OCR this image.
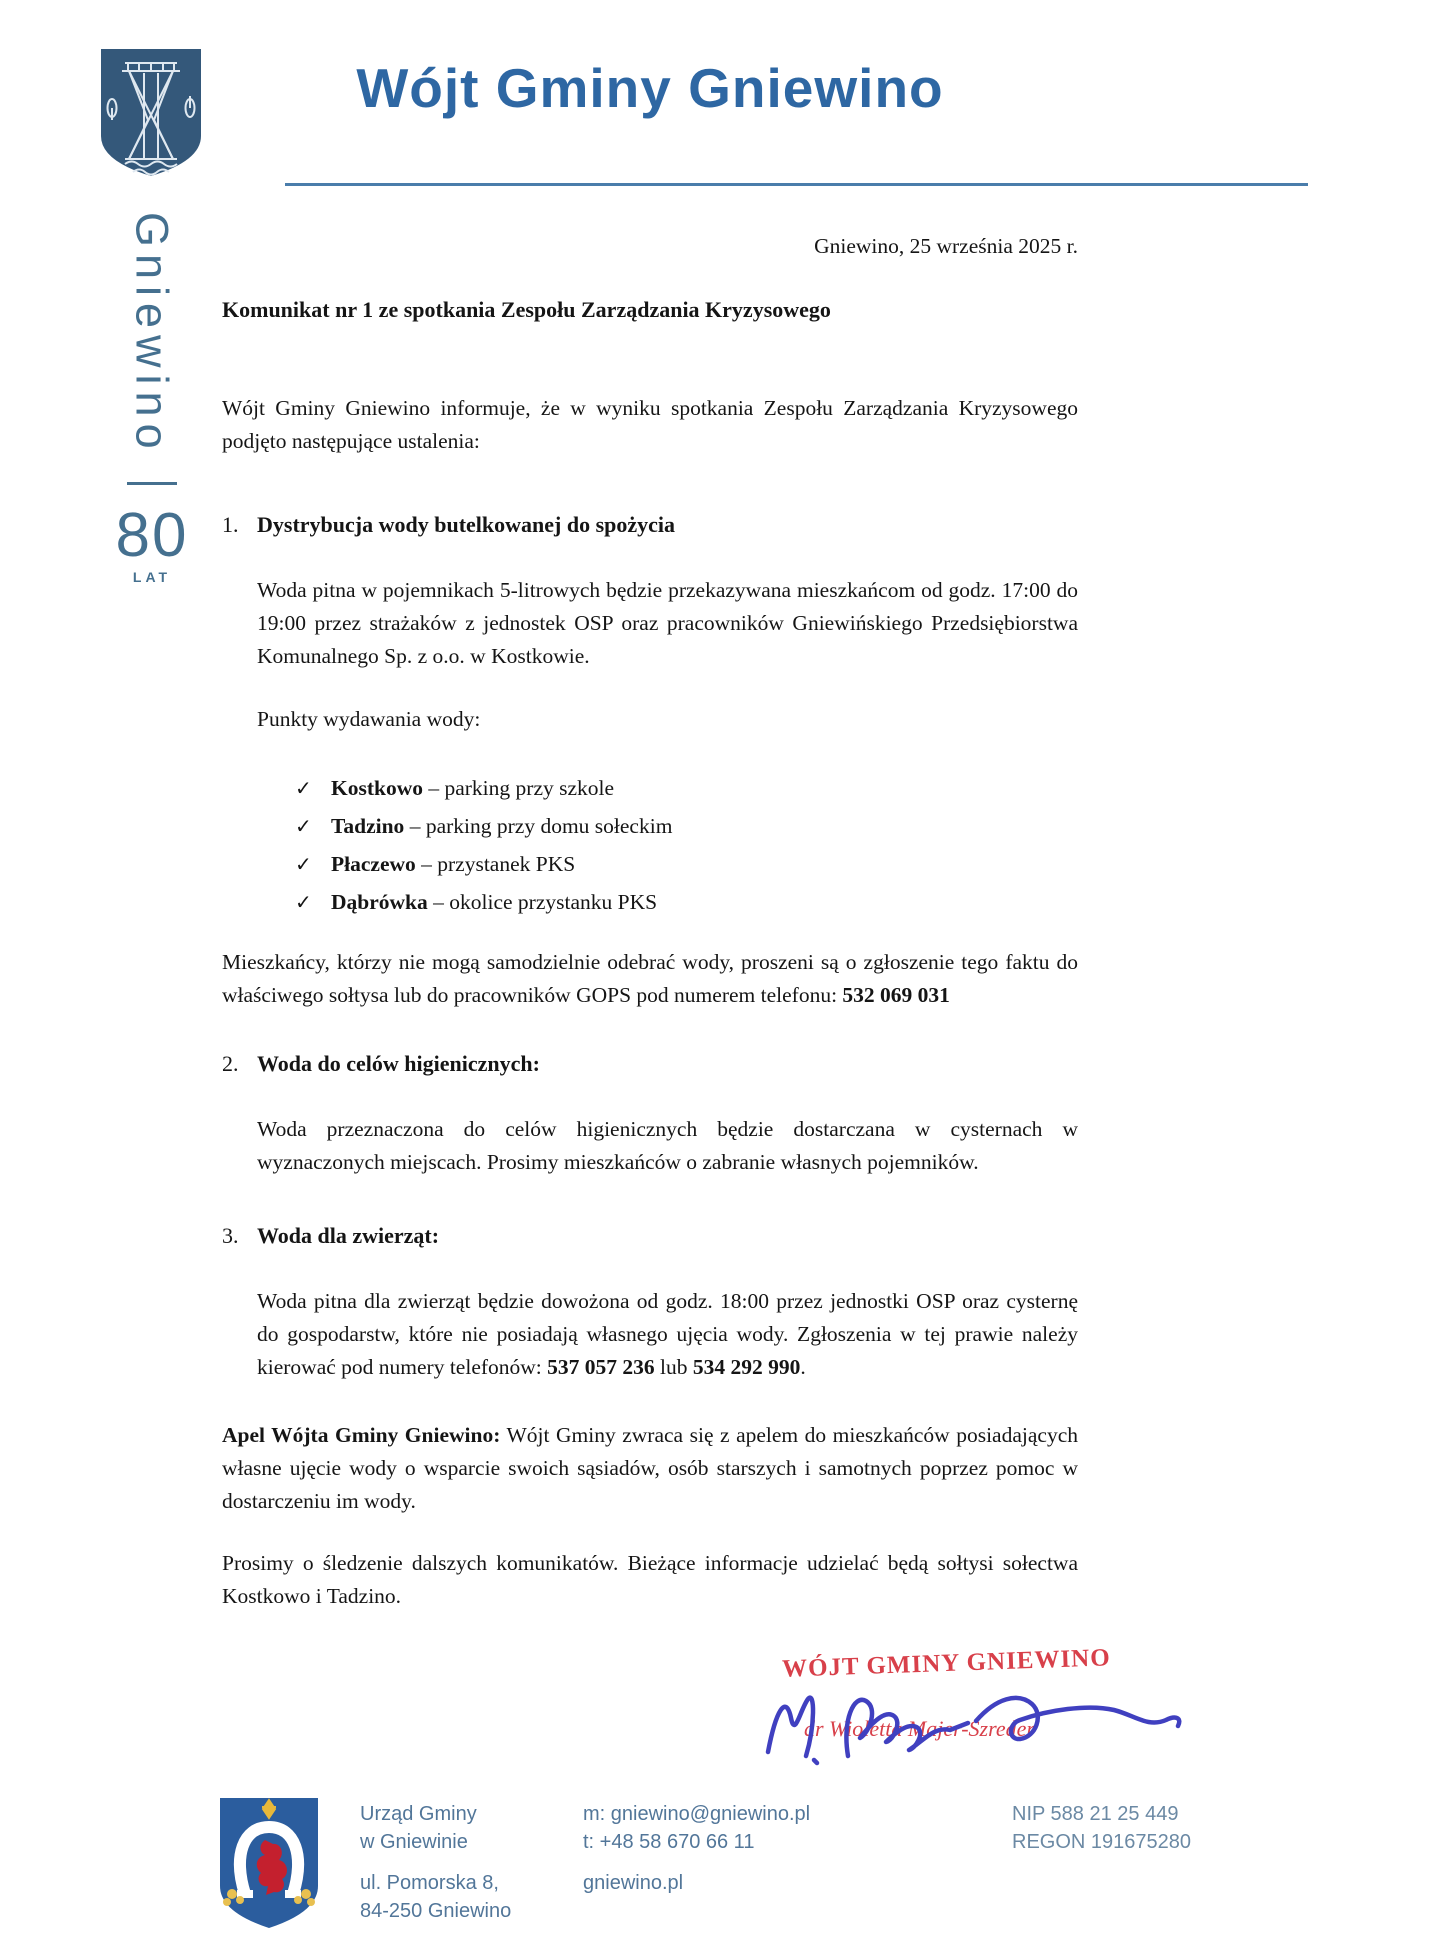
Wójt Gminy Gniewino
Gniewino
80
LAT

Gniewino, 25 września 2025 r.

Komunikat nr 1 ze spotkania Zespołu Zarządzania Kryzysowego

Wójt Gminy Gniewino informuje, że w wyniku spotkania Zespołu Zarządzania Kryzysowego podjęto następujące ustalenia:

1. Dystrybucja wody butelkowanej do spożycia

Woda pitna w pojemnikach 5-litrowych będzie przekazywana mieszkańcom od godz. 17:00 do 19:00 przez strażaków z jednostek OSP oraz pracowników Gniewińskiego Przedsiębiorstwa Komunalnego Sp. z o.o. w Kostkowie.

Punkty wydawania wody:

✓ Kostkowo – parking przy szkole
✓ Tadzino – parking przy domu sołeckim
✓ Płaczewo – przystanek PKS
✓ Dąbrówka – okolice przystanku PKS

Mieszkańcy, którzy nie mogą samodzielnie odebrać wody, proszeni są o zgłoszenie tego faktu do właściwego sołtysa lub do pracowników GOPS pod numerem telefonu: 532 069 031

2. Woda do celów higienicznych:

Woda przeznaczona do celów higienicznych będzie dostarczana w cysternach w wyznaczonych miejscach. Prosimy mieszkańców o zabranie własnych pojemników.

3. Woda dla zwierząt:

Woda pitna dla zwierząt będzie dowożona od godz. 18:00 przez jednostki OSP oraz cysternę do gospodarstw, które nie posiadają własnego ujęcia wody. Zgłoszenia w tej prawie należy kierować pod numery telefonów: 537 057 236 lub 534 292 990.

Apel Wójta Gminy Gniewino: Wójt Gminy zwraca się z apelem do mieszkańców posiadających własne ujęcie wody o wsparcie swoich sąsiadów, osób starszych i samotnych poprzez pomoc w dostarczeniu im wody.

Prosimy o śledzenie dalszych komunikatów. Bieżące informacje udzielać będą sołtysi sołectwa Kostkowo i Tadzino.

WÓJT GMINY GNIEWINO
dr Wioletta Majer-Szreder
Urząd Gminy
w Gniewinie
ul. Pomorska 8,
84-250 Gniewino
m: gniewino@gniewino.pl
t: +48 58 670 66 11
gniewino.pl
NIP 588 21 25 449
REGON 191675280
